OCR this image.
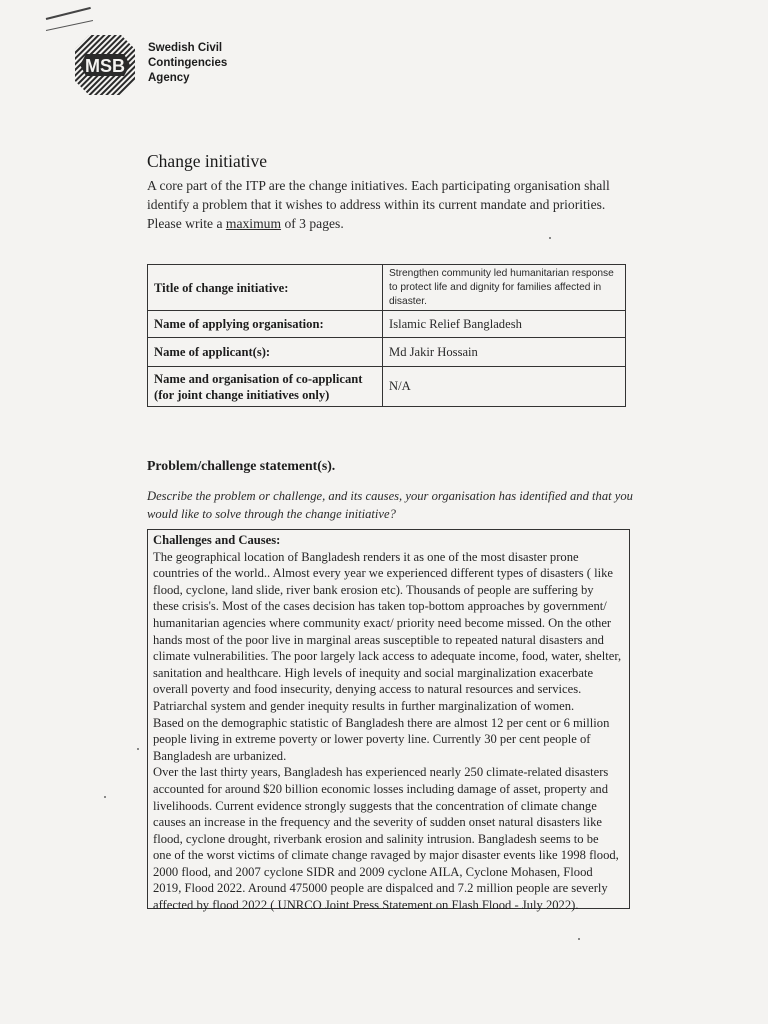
MSB
Swedish Civil
Contingencies
Agency
Change initiative

A core part of the ITP are the change initiatives. Each participating organisation shall identify a problem that it wishes to address within its current mandate and priorities. Please write a maximum of 3 pages.

Title of change initiative:	Strengthen community led humanitarian response to protect life and dignity for families affected in disaster.
Name of applying organisation:	Islamic Relief Bangladesh
Name of applicant(s):	Md Jakir Hossain

Name and organisation of co-applicant
(for joint change initiatives only)	N/A
Problem/challenge statement(s).

Describe the problem or challenge, and its causes, your organisation has identified and that you would like to solve through the change initiative?

Challenges and Causes:
The geographical location of Bangladesh renders it as one of the most disaster prone
countries of the world.. Almost every year we experienced different types of disasters ( like
flood, cyclone, land slide, river bank erosion etc). Thousands of people are suffering by
these crisis's. Most of the cases decision has taken top-bottom approaches by government/
humanitarian agencies where community exact/ priority need become missed. On the other
hands most of the poor live in marginal areas susceptible to repeated natural disasters and
climate vulnerabilities. The poor largely lack access to adequate income, food, water, shelter,
sanitation and healthcare. High levels of inequity and social marginalization exacerbate
overall poverty and food insecurity, denying access to natural resources and services.
Patriarchal system and gender inequity results in further marginalization of women.
Based on the demographic statistic of Bangladesh there are almost 12 per cent or 6 million
people living in extreme poverty or lower poverty line. Currently 30 per cent people of
Bangladesh are urbanized.
Over the last thirty years, Bangladesh has experienced nearly 250 climate-related disasters
accounted for around $20 billion economic losses including damage of asset, property and
livelihoods. Current evidence strongly suggests that the concentration of climate change
causes an increase in the frequency and the severity of sudden onset natural disasters like
flood, cyclone drought, riverbank erosion and salinity intrusion. Bangladesh seems to be
one of the worst victims of climate change ravaged by major disaster events like 1998 flood,
2000 flood, and 2007 cyclone SIDR and 2009 cyclone AILA, Cyclone Mohasen, Flood
2019, Flood 2022. Around 475000 people are dispalced and 7.2 million people are severly
affected by flood 2022 ( UNRCO Joint Press Statement on Flash Flood - July 2022).
